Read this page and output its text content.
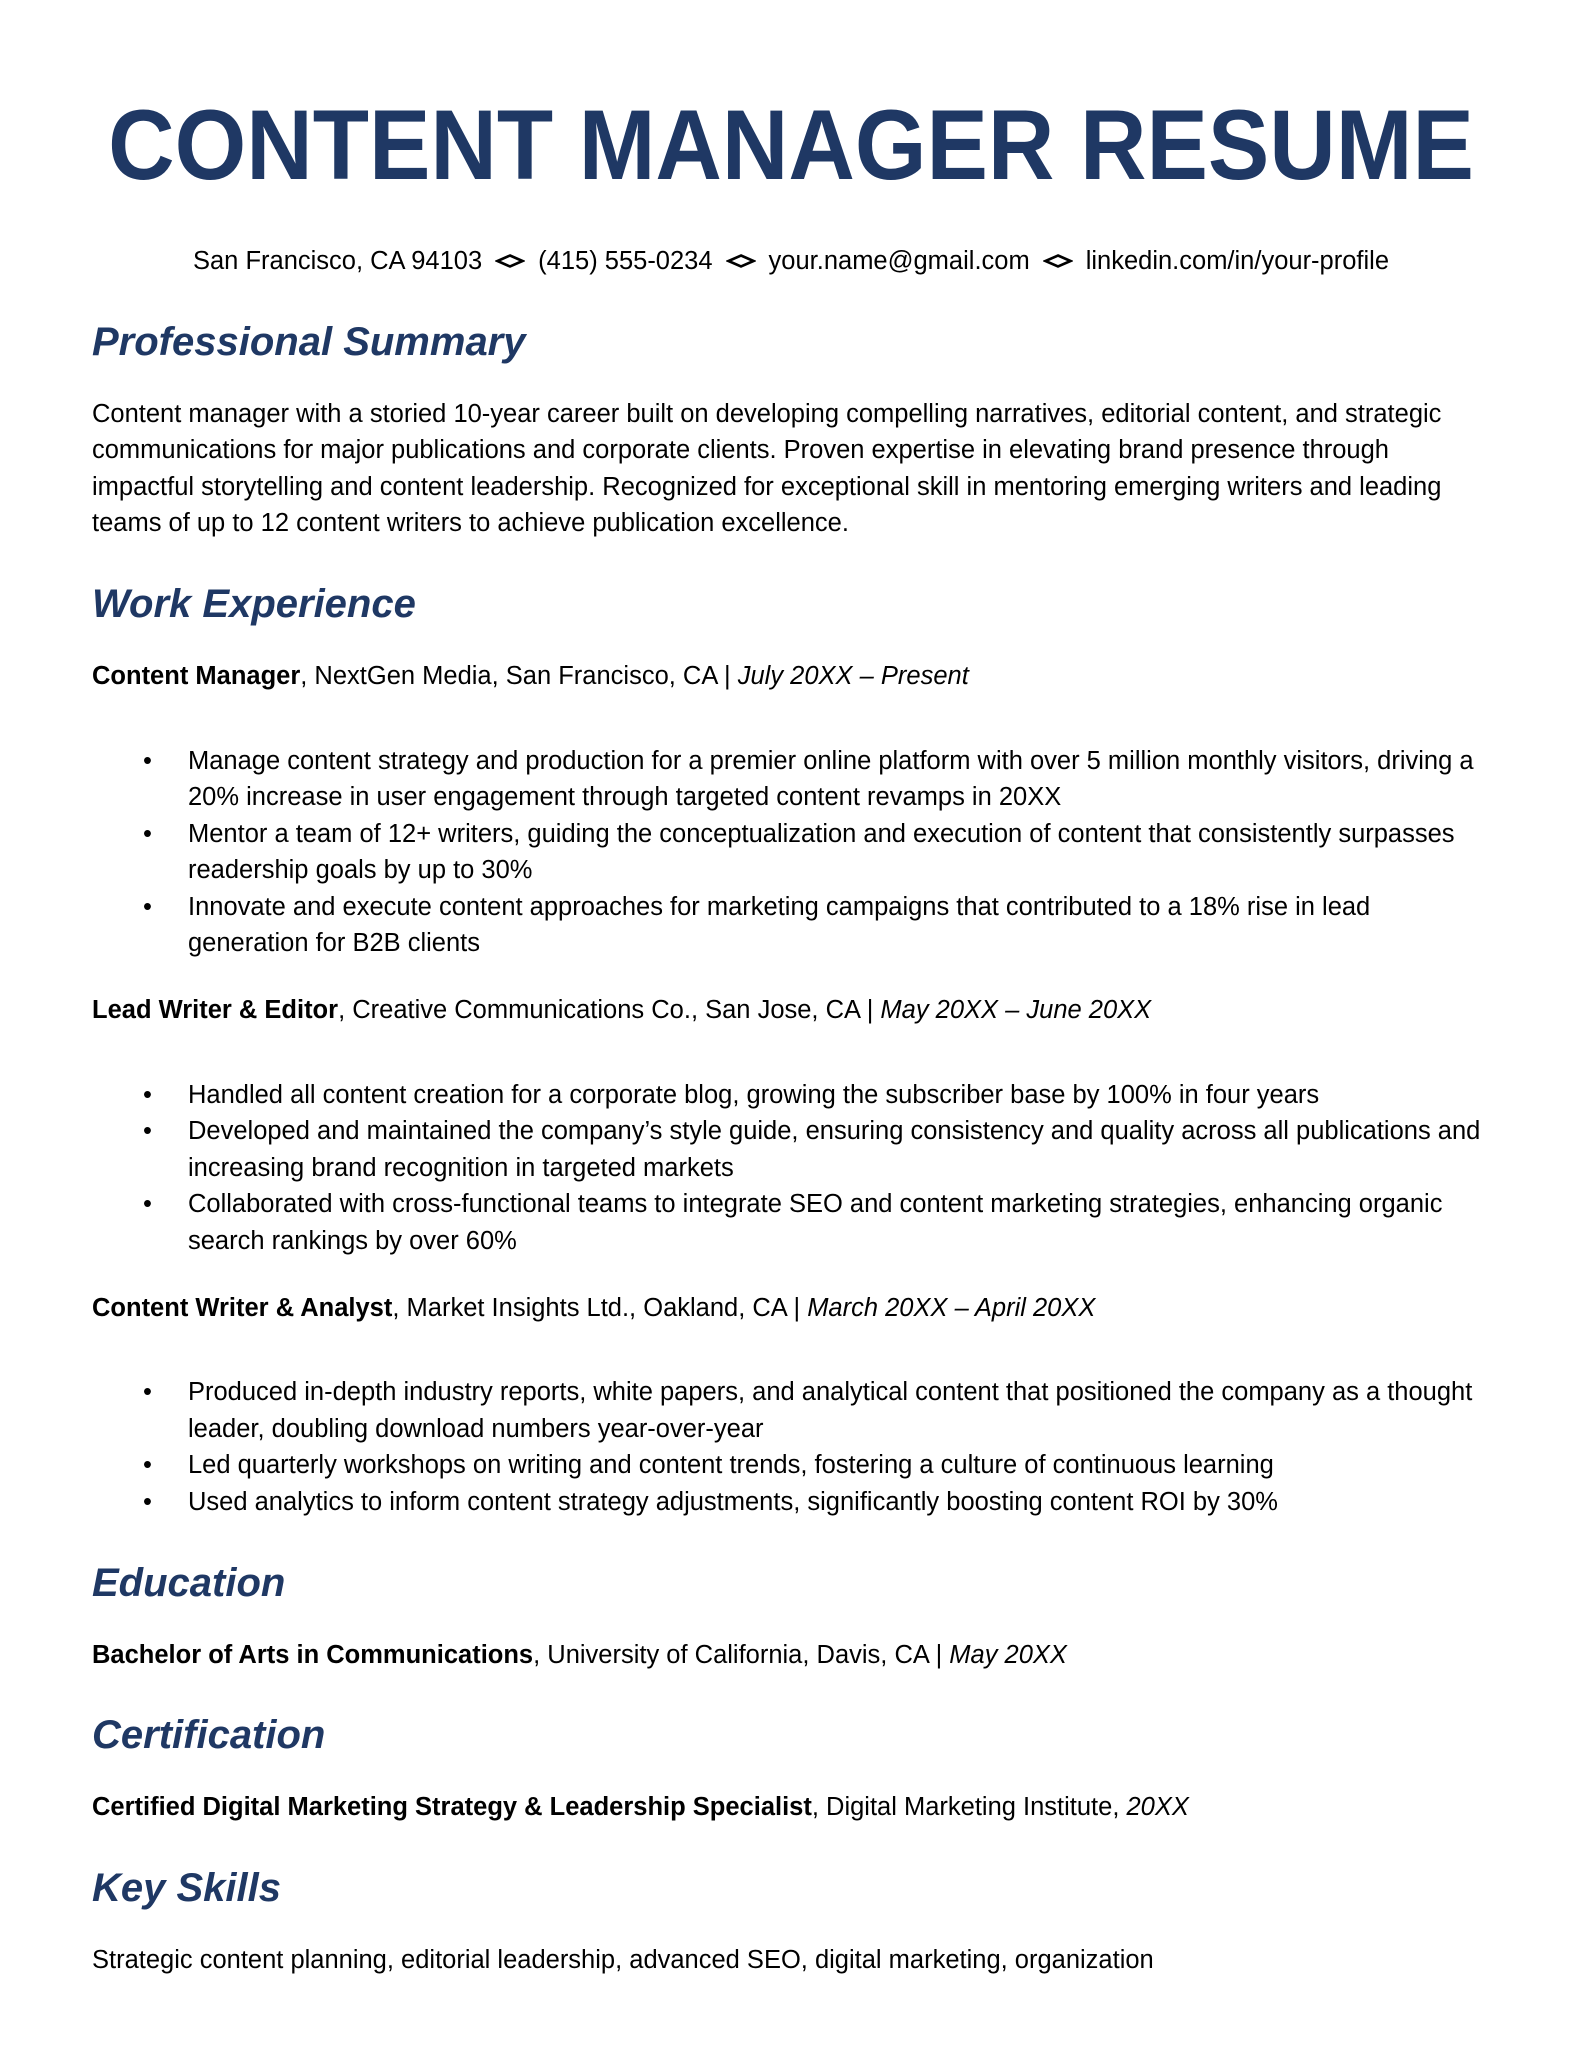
CONTENT MANAGER RESUME
San Francisco, CA 94103 (415) 555-0234 your.name@gmail.com linkedin.com/in/your-profile
Professional Summary

Content manager with a storied 10-year career built on developing compelling narratives, editorial content, and strategic communications for major publications and corporate clients. Proven expertise in elevating brand presence through impactful storytelling and content leadership. Recognized for exceptional skill in mentoring emerging writers and leading teams of up to 12 content writers to achieve publication excellence.

Work Experience

Content Manager, NextGen Media, San Francisco, CA | July 20XX – Present

• Manage content strategy and production for a premier online platform with over 5 million monthly visitors, driving a 20% increase in user engagement through targeted content revamps in 20XX
• Mentor a team of 12+ writers, guiding the conceptualization and execution of content that consistently surpasses readership goals by up to 30%
• Innovate and execute content approaches for marketing campaigns that contributed to a 18% rise in lead generation for B2B clients

Lead Writer & Editor, Creative Communications Co., San Jose, CA | May 20XX – June 20XX

• Handled all content creation for a corporate blog, growing the subscriber base by 100% in four years
• Developed and maintained the company’s style guide, ensuring consistency and quality across all publications and increasing brand recognition in targeted markets
• Collaborated with cross-functional teams to integrate SEO and content marketing strategies, enhancing organic search rankings by over 60%

Content Writer & Analyst, Market Insights Ltd., Oakland, CA | March 20XX – April 20XX

• Produced in-depth industry reports, white papers, and analytical content that positioned the company as a thought leader, doubling download numbers year-over-year
• Led quarterly workshops on writing and content trends, fostering a culture of continuous learning
• Used analytics to inform content strategy adjustments, significantly boosting content ROI by 30%
Education

Bachelor of Arts in Communications, University of California, Davis, CA | May 20XX

Certification

Certified Digital Marketing Strategy & Leadership Specialist, Digital Marketing Institute, 20XX

Key Skills

Strategic content planning, editorial leadership, advanced SEO, digital marketing, organization
